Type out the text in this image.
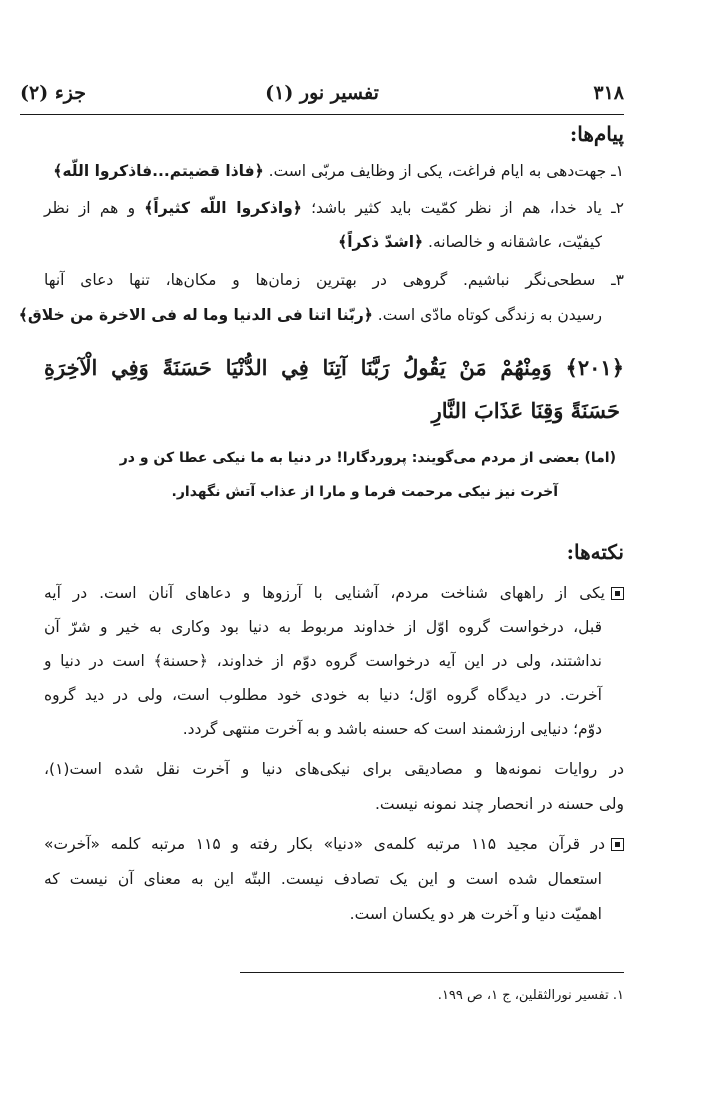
۳۱۸
تفسیر نور (۱)
جزء (۲)
پیام‌ها:
۱ـ جهت‌دهی به ایام فراغت، یکی از وظایف مربّی است. ﴿فاذا قضیتم...فاذکروا اللّه﴾
۲ـ یاد خدا، هم از نظر کمّیت باید کثیر باشد؛ ﴿واذکروا اللّه کثیراً﴾ و هم از نظر
کیفیّت، عاشقانه و خالصانه. ﴿اشدّ ذکراً﴾
۳ـ سطحی‌نگر نباشیم. گروهی در بهترین زمان‌ها و مکان‌ها، تنها دعای آنها
رسیدن به زندگی کوتاه مادّی است. ﴿ربّنا اتنا فی الدنیا وما له فی الاخرة من خلاق﴾
﴿۲۰۱﴾ وَمِنْهُمْ مَنْ يَقُولُ رَبَّنَا آتِنَا فِي الدُّنْيَا حَسَنَةً وَفِي الْآخِرَةِ
حَسَنَةً وَقِنَا عَذَابَ النَّارِ
(اما) بعضی از مردم می‌گویند: پروردگارا! در دنیا به ما نیکی عطا کن و در
آخرت نیز نیکی مرحمت فرما و مارا از عذاب آتش نگهدار.
نکته‌ها:
یکی از راههای شناخت مردم، آشنایی با آرزوها و دعاهای آنان است. در آیه
قبل، درخواست گروه اوّل از خداوند مربوط به دنیا بود وکاری به خیر و شرّ آن
نداشتند، ولی در این آیه درخواست گروه دوّم از خداوند، ﴿حسنة﴾ است در دنیا و
آخرت. در دیدگاه گروه اوّل؛ دنیا به خودی خود مطلوب است، ولی در دید گروه
دوّم؛ دنیایی ارزشمند است که حسنه باشد و به آخرت منتهی گردد.
در روایات نمونه‌ها و مصادیقی برای نیکی‌های دنیا و آخرت نقل شده است(۱)،
ولی حسنه در انحصار چند نمونه نیست.
در قرآن مجید ۱۱۵ مرتبه کلمه‌ی «دنیا» بکار رفته و ۱۱۵ مرتبه کلمه «آخرت»
استعمال شده است و این یک تصادف نیست. البتّه این به معنای آن نیست که
اهمیّت دنیا و آخرت هر دو یکسان است.
۱. تفسیر نورالثقلین، ج ۱، ص ۱۹۹.
